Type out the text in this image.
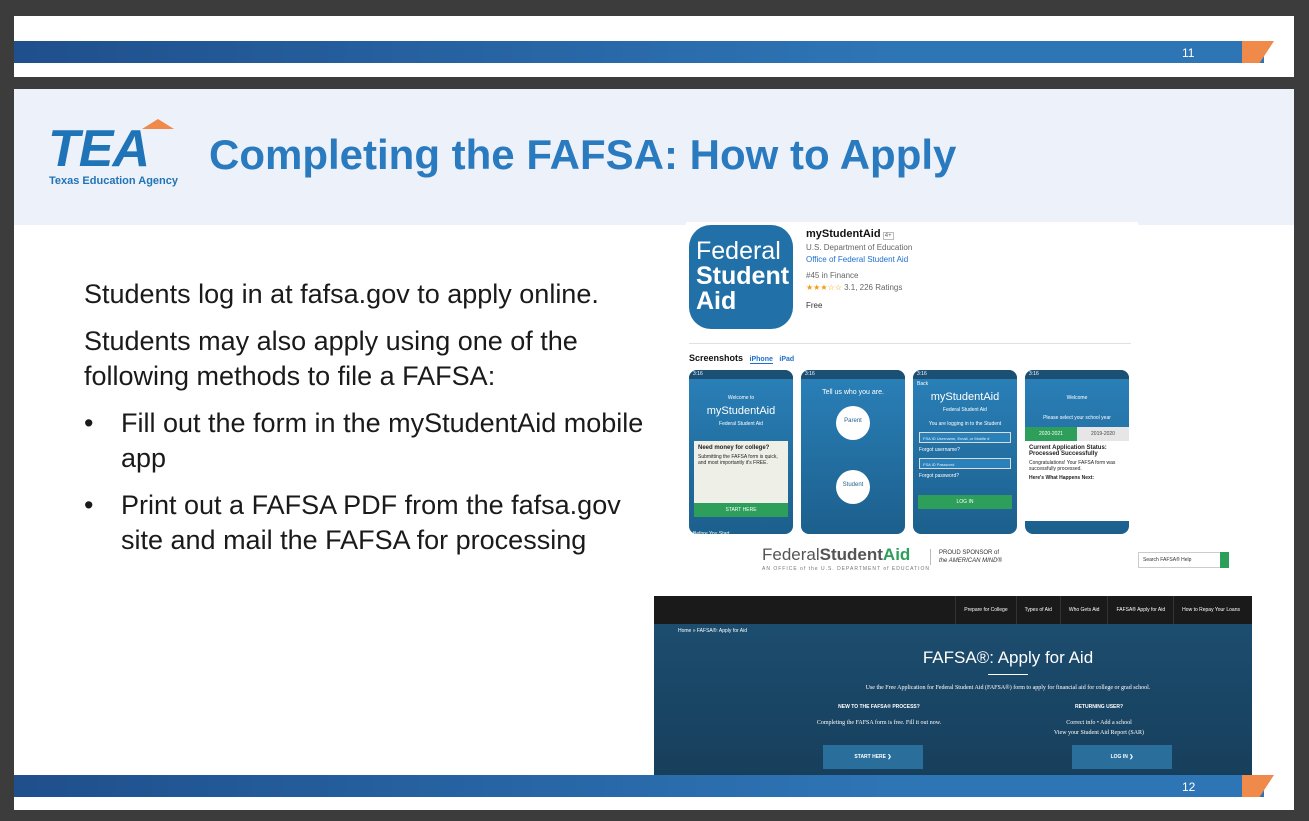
11
TEA
Texas Education Agency
Completing the FAFSA: How to Apply

Students log in at fafsa.gov to apply online.

Students may also apply using one of the following methods to file a FAFSA:

• Fill out the form in the myStudentAid mobile app
• Print out a FAFSA PDF from the fafsa.gov site and mail the FAFSA for processing
Federal
Student
Aid
myStudentAid 4+
U.S. Department of Education
Office of Federal Student Aid
#45 in Finance
★★★☆☆ 3.1, 226 Ratings
Free
Screenshots iPhone iPad
3:16
Welcome to
myStudentAid
Federal Student Aid
Need money for college?
Submitting the FAFSA form is quick, and most importantly it's FREE.
START HERE
Before You Start
3:16
Tell us who you are.
Parent
Student
3:16
Back
myStudentAid
Federal Student Aid
You are logging in to the Student
FSA ID Username, Email, or Mobile #
Forgot username?
FSA ID Password
Forgot password?
LOG IN
3:16
Welcome
Please select your school year
2020-2021	2019-2020
Current Application Status: Processed Successfully
Congratulations! Your FAFSA form was successfully processed.
Here's What Happens Next:
FederalStudentAid
AN OFFICE of the U.S. DEPARTMENT of EDUCATION
PROUD SPONSOR of
the AMERICAN MIND®	Search FAFSA® Help
Prepare for College	Types of Aid	Who Gets Aid	FAFSA® Apply for Aid	How to Repay Your Loans
Home » FAFSA®: Apply for Aid
FAFSA®: Apply for Aid
Use the Free Application for Federal Student Aid (FAFSA®) form to apply for financial aid for college or grad school.
NEW TO THE FAFSA® PROCESS?
Completing the FAFSA form is free. Fill it out now.
RETURNING USER?
Correct info • Add a school
View your Student Aid Report (SAR)
START HERE ❯	LOG IN ❯
12
